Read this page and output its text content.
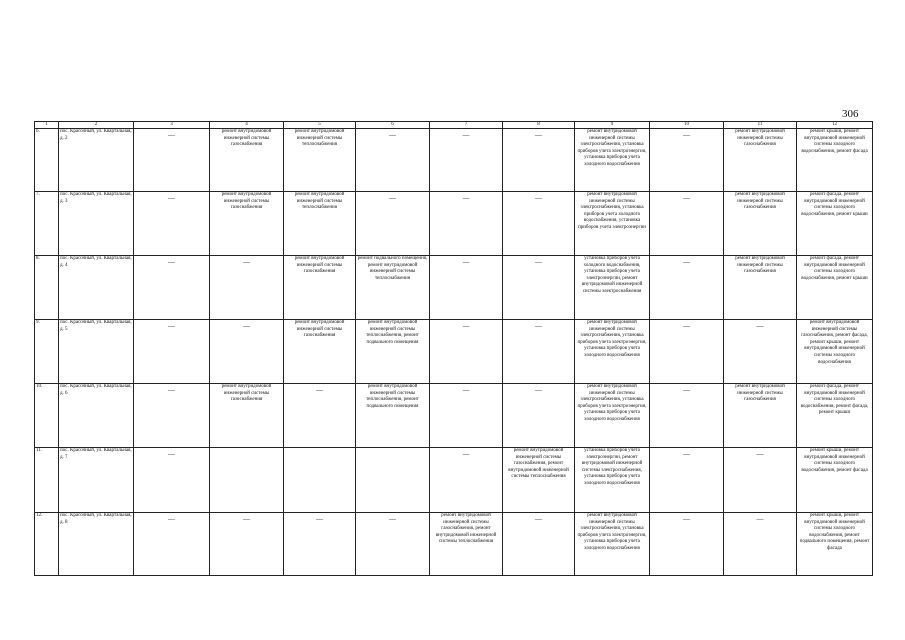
306
1	2	3	4	5	6	7	8	9	10	11	12
6.	пос. Красочный, ул. Квартальная, д. 2	—	ремонт внутридомовой инженерной системы газоснабжения	ремонт внутридомовой инженерной системы теплоснабжения	—	—	—	ремонт внутридомовой инженерной системы электроснабжения, установка приборов учета электроэнергии, установка приборов учета холодного водоснабжения	—	ремонт внутридомовой инженерной системы газоснабжения	ремонт крыши, ремонт внутридомовой инженерной системы холодного водоснабжения, ремонт фасада
7.	пос. Красочный, ул. Квартальная, д. 3	—	ремонт внутридомовой инженерной системы газоснабжения	ремонт внутридомовой инженерной системы теплоснабжения	—	—	—	ремонт внутридомовой инженерной системы электроснабжения, установка приборов учета холодного водоснабжения, установка приборов учета электроэнергии	—	ремонт внутридомовой инженерной системы газоснабжения	ремонт фасада, ремонт внутридомовой инженерной системы холодного водоснабжения, ремонт крыши
8.	пос. Красочный, ул. Квартальная, д. 4	—	—	ремонт внутридомовой инженерной системы газоснабжения	ремонт подвального помещения, ремонт внутридомовой инженерной системы теплоснабжения	—	—	установка приборов учета холодного водоснабжения, установка приборов учета электроэнергии, ремонт внутридомовой инженерной системы электроснабжения	—	ремонт внутридомовой инженерной системы газоснабжения	ремонт фасада, ремонт внутридомовой инженерной системы холодного водоснабжения, ремонт крыши
9.	пос. Красочный, ул. Квартальная, д. 5	—	—	ремонт внутридомовой инженерной системы газоснабжения	ремонт внутридомовой инженерной системы теплоснабжения, ремонт подвального помещения	—	—	ремонт внутридомовой инженерной системы электроснабжения, установка приборов учета электроэнергии, установка приборов учета холодного водоснабжения	—	—	ремонт внутридомовой инженерной системы газоснабжения, ремонт фасада, ремонт крыши, ремонт внутридомовой инженерной системы холодного водоснабжения
10.	пос. Красочный, ул. Квартальная, д. 6	—	ремонт внутридомовой инженерной системы газоснабжения	—	ремонт внутридомовой инженерной системы теплоснабжения, ремонт подвального помещения	—	—	ремонт внутридомовой инженерной системы электроснабжения, установка приборов учета электроэнергии, установка приборов учета холодного водоснабжения	—	ремонт внутридомовой инженерной системы газоснабжения	ремонт фасада, ремонт внутридомовой инженерной системы холодного водоснабжения, ремонт фасада, ремонт крыши
11.	пос. Красочный, ул. Квартальная, д. 7	—				—	ремонт внутридомовой инженерной системы газоснабжения, ремонт внутридомовой инженерной системы теплоснабжения	установка приборов учета электроэнергии, ремонт внутридомовой инженерной системы электроснабжения, установка приборов учета холодного водоснабжения	—	—	ремонт крыши, ремонт внутридомовой инженерной системы холодного водоснабжения, ремонт фасада
12.	пос. Красочный, ул. Квартальная, д. 8	—	—	—	—	ремонт внутридомовой инженерной системы газоснабжения, ремонт внутридомовой инженерной системы теплоснабжения	—	ремонт внутридомовой инженерной системы электроснабжения, установка приборов учета электроэнергии, установка приборов учета холодного водоснабжения	—	—	ремонт крыши, ремонт внутридомовой инженерной системы холодного водоснабжения, ремонт подвального помещения, ремонт фасада
